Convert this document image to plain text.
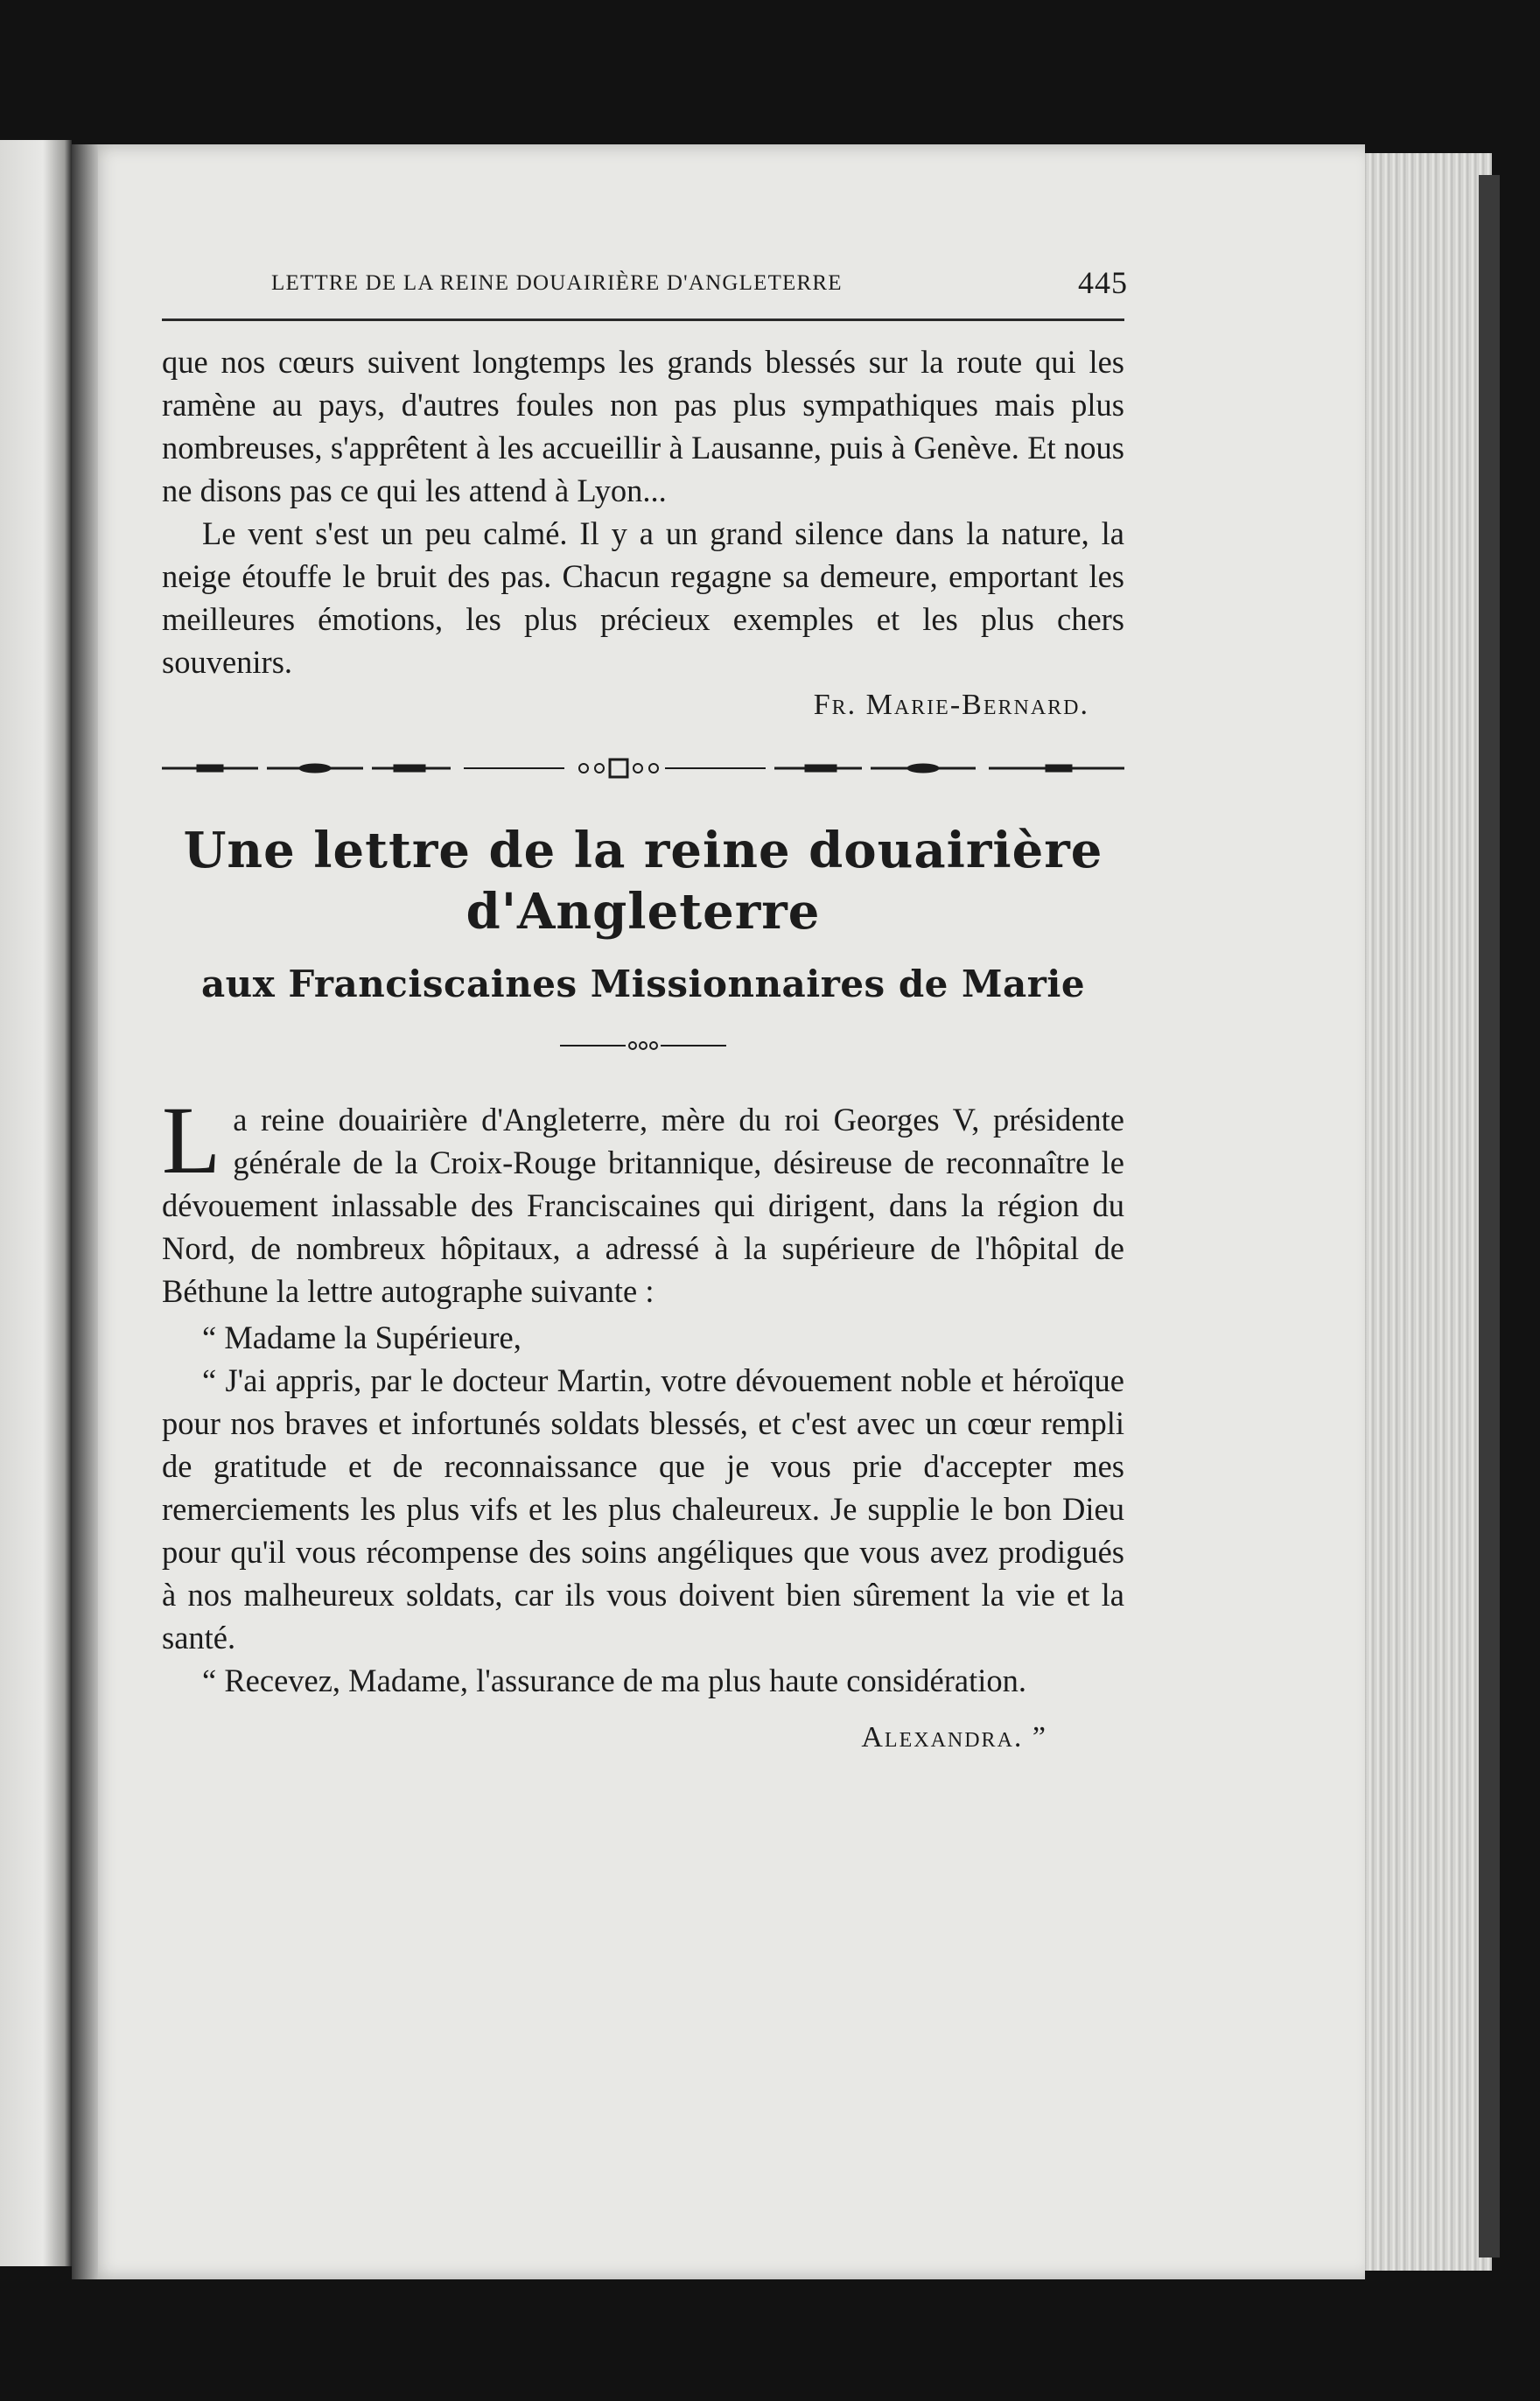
LETTRE DE LA REINE DOUAIRIÈRE D'ANGLETERRE	445

que nos cœurs suivent longtemps les grands blessés sur la route qui les ramène au pays, d'autres foules non pas plus sympathiques mais plus nombreuses, s'apprêtent à les accueillir à Lausanne, puis à Genève. Et nous ne disons pas ce qui les attend à Lyon...

Le vent s'est un peu calmé. Il y a un grand silence dans la nature, la neige étouffe le bruit des pas. Chacun regagne sa demeure, emportant les meilleures émotions, les plus précieux exemples et les plus chers souvenirs.

Fr. Marie-Bernard.
Une lettre de la reine douairière d'Angleterre
aux Franciscaines Missionnaires de Marie

La reine douairière d'Angleterre, mère du roi Georges V, présidente générale de la Croix-Rouge britannique, désireuse de reconnaître le dévouement inlassable des Franciscaines qui dirigent, dans la région du Nord, de nombreux hôpitaux, a adressé à la supérieure de l'hôpital de Béthune la lettre autographe suivante :

“ Madame la Supérieure,

“ J'ai appris, par le docteur Martin, votre dévouement noble et héroïque pour nos braves et infortunés soldats blessés, et c'est avec un cœur rempli de gratitude et de reconnaissance que je vous prie d'accepter mes remerciements les plus vifs et les plus chaleureux. Je supplie le bon Dieu pour qu'il vous récompense des soins angéliques que vous avez prodigués à nos malheureux soldats, car ils vous doivent bien sûrement la vie et la santé.

“ Recevez, Madame, l'assurance de ma plus haute considération.

Alexandra. ”
